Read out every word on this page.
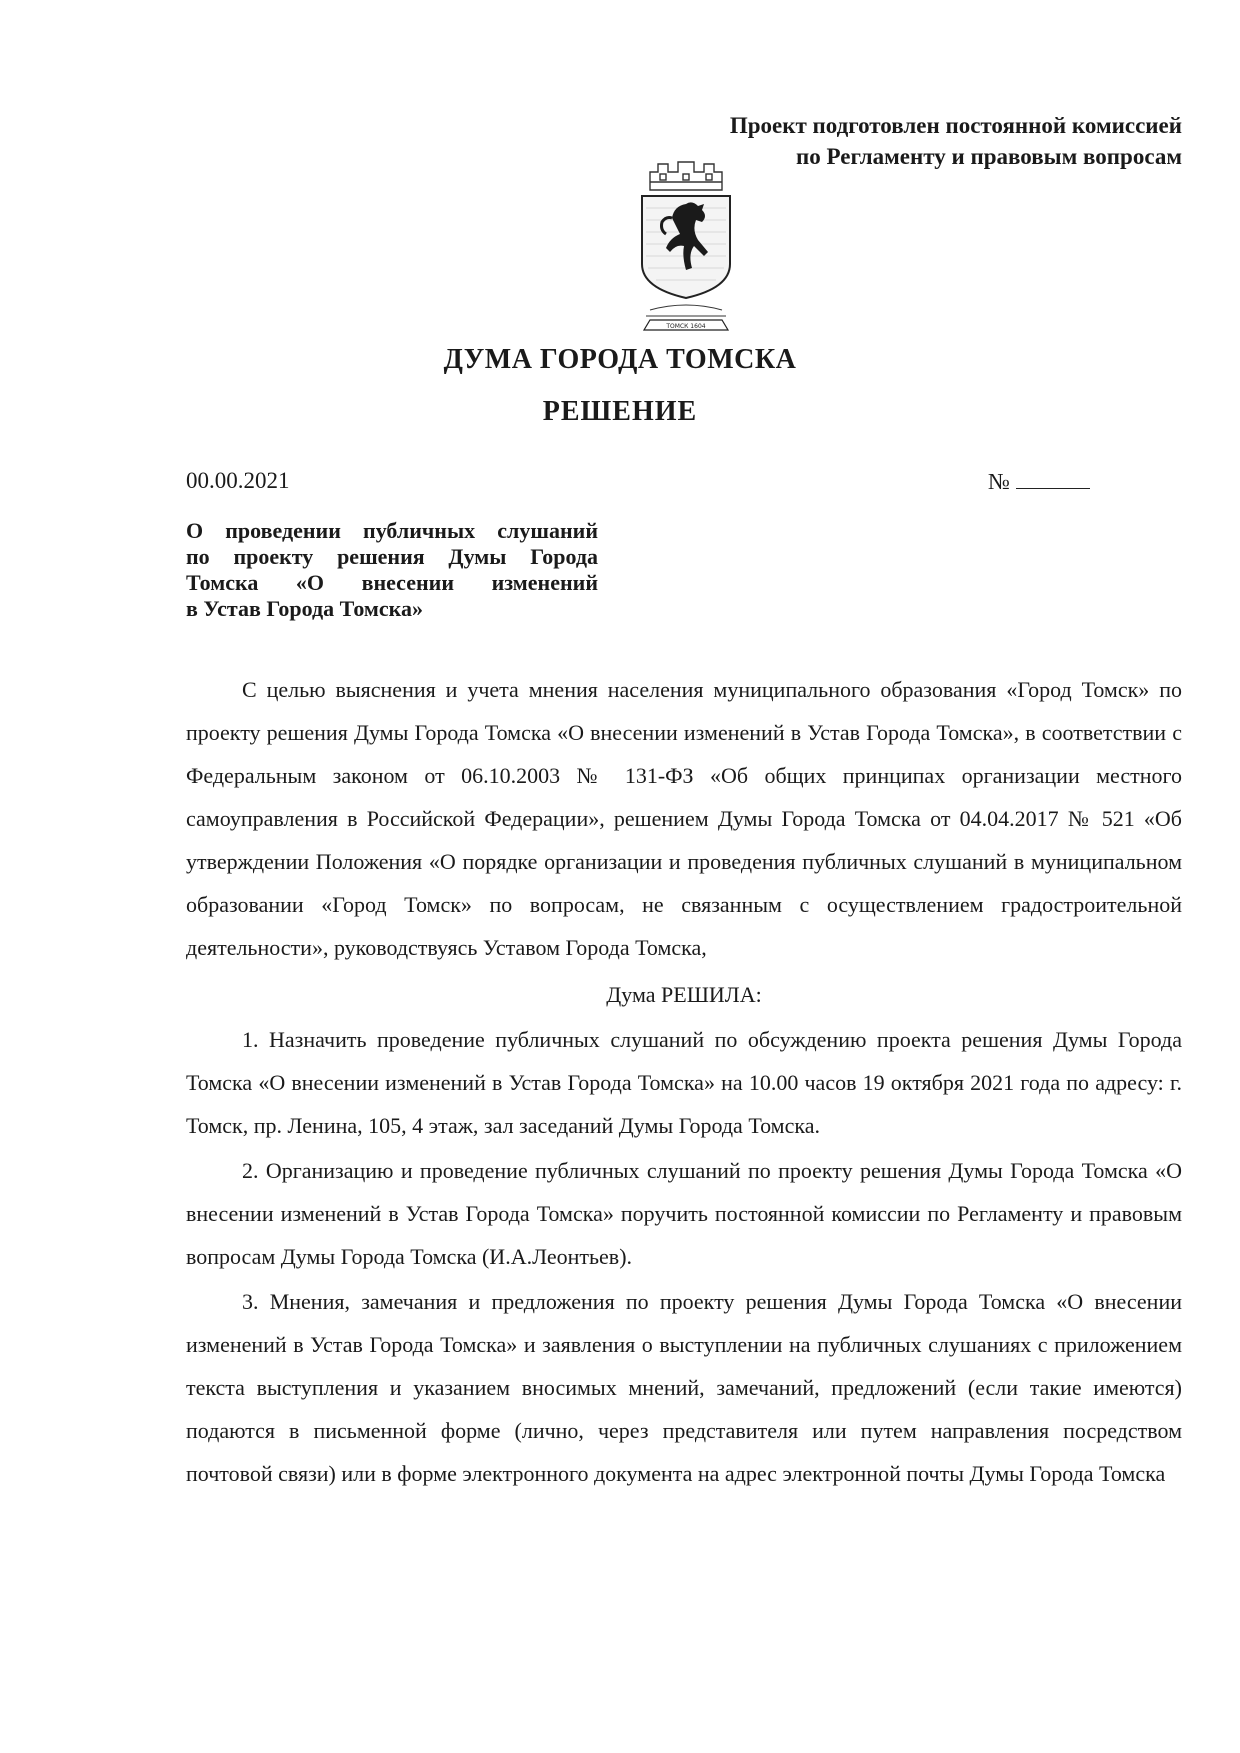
Проект подготовлен постоянной комиссией
по Регламенту и правовым вопросам
ТОМСК 1604
ДУМА ГОРОДА ТОМСКА
РЕШЕНИЕ
00.00.2021	№
О проведении публичных слушаний
по проекту решения Думы Города
Томска «О внесении изменений
в Устав Города Томска»

С целью выяснения и учета мнения населения муниципального образования «Город Томск» по проекту решения Думы Города Томска «О внесении изменений в Устав Города Томска», в соответствии с Федеральным законом от 06.10.2003 № 131-ФЗ «Об общих принципах организации местного самоуправления в Российской Федерации», решением Думы Города Томска от 04.04.2017 № 521 «Об утверждении Положения «О порядке организации и проведения публичных слушаний в муниципальном образовании «Город Томск» по вопросам, не связанным с осуществлением градостроительной деятельности», руководствуясь Уставом Города Томска,

Дума РЕШИЛА:

1. Назначить проведение публичных слушаний по обсуждению проекта решения Думы Города Томска «О внесении изменений в Устав Города Томска» на 10.00 часов 19 октября 2021 года по адресу: г. Томск, пр. Ленина, 105, 4 этаж, зал заседаний Думы Города Томска.

2. Организацию и проведение публичных слушаний по проекту решения Думы Города Томска «О внесении изменений в Устав Города Томска» поручить постоянной комиссии по Регламенту и правовым вопросам Думы Города Томска (И.А.Леонтьев).

3. Мнения, замечания и предложения по проекту решения Думы Города Томска «О внесении изменений в Устав Города Томска» и заявления о выступлении на публичных слушаниях с приложением текста выступления и указанием вносимых мнений, замечаний, предложений (если такие имеются) подаются в письменной форме (лично, через представителя или путем направления посредством почтовой связи) или в форме электронного документа на адрес электронной почты Думы Города Томска
